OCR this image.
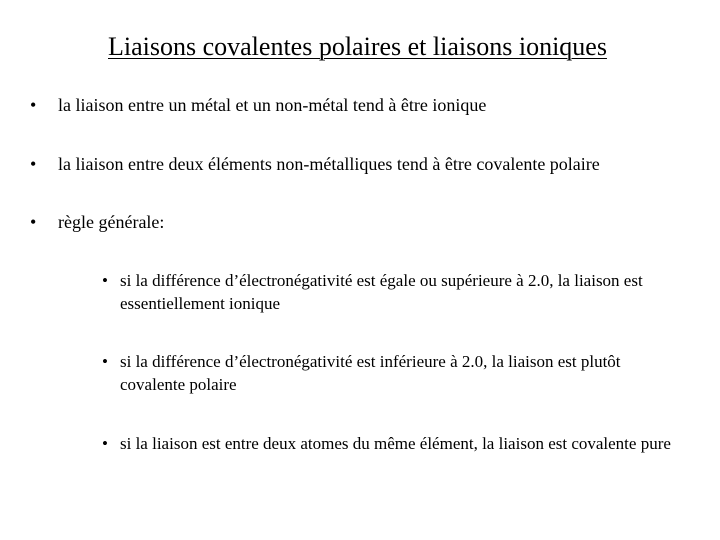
Liaisons covalentes polaires et liaisons ioniques
•	la liaison entre un métal et un non-métal tend à être ionique
•	la liaison entre deux éléments non-métalliques tend à être covalente polaire
•	règle générale:
• si la différence d’électronégativité est égale ou supérieure à 2.0, la liaison est essentiellement ionique
• si la différence d’électronégativité est inférieure à 2.0, la liaison est plutôt covalente polaire
• si la liaison est entre deux atomes du même élément, la liaison est covalente pure
